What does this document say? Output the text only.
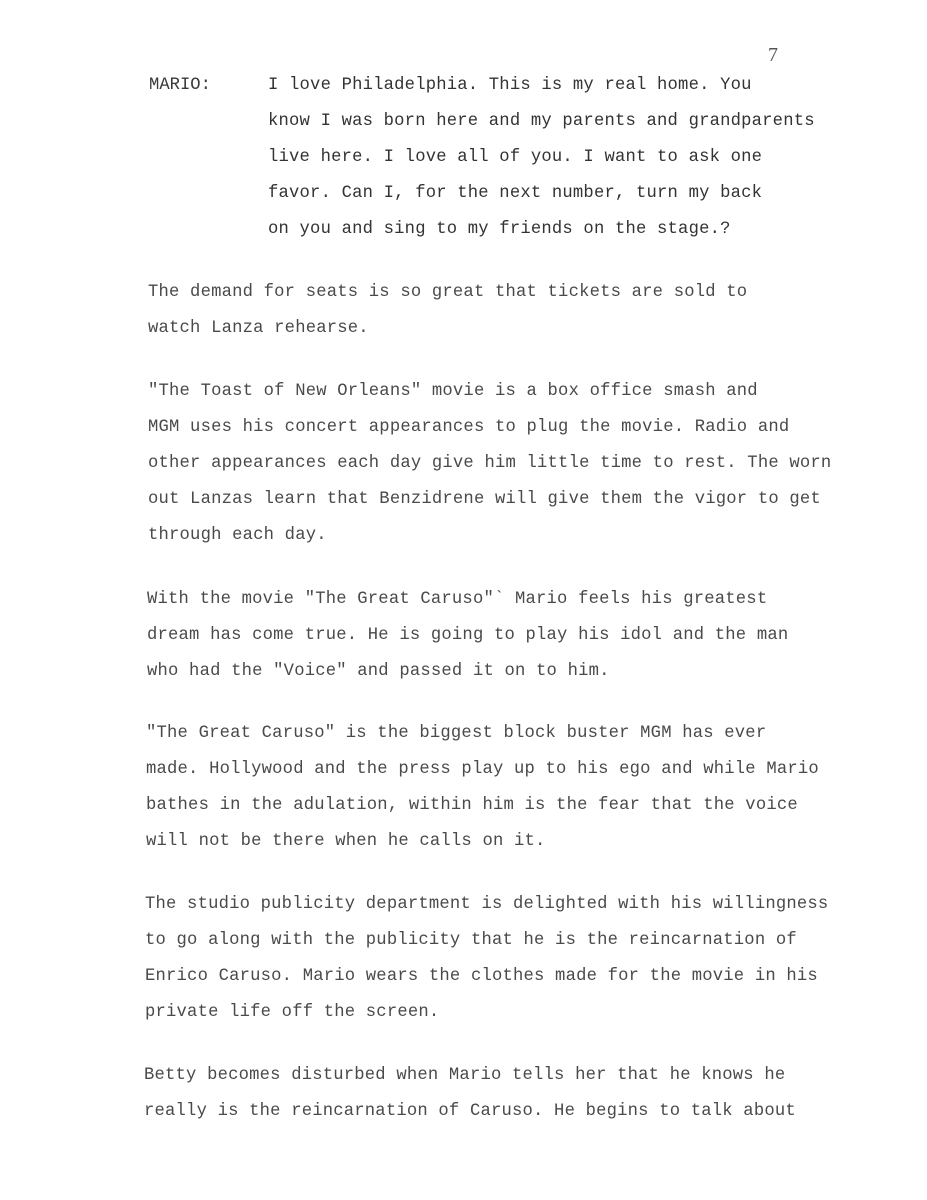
7
MARIO:	I love Philadelphia. This is my real home. You
know I was born here and my parents and grandparents
live here. I love all of you. I want to ask one
favor. Can I, for the next number, turn my back
on you and sing to my friends on the stage.?
The demand for seats is so great that tickets are sold to
watch Lanza rehearse.
"The Toast of New Orleans" movie is a box office smash and
MGM uses his concert appearances to plug the movie. Radio and
other appearances each day give him little time to rest. The worn
out Lanzas learn that Benzidrene will give them the vigor to get
through each day.
With the movie "The Great Caruso"` Mario feels his greatest
dream has come true. He is going to play his idol and the man
who had the "Voice" and passed it on to him.
"The Great Caruso" is the biggest block buster MGM has ever
made. Hollywood and the press play up to his ego and while Mario
bathes in the adulation, within him is the fear that the voice
will not be there when he calls on it.
The studio publicity department is delighted with his willingness
to go along with the publicity that he is the reincarnation of
Enrico Caruso. Mario wears the clothes made for the movie in his
private life off the screen.
Betty becomes disturbed when Mario tells her that he knows he
really is the reincarnation of Caruso. He begins to talk about
